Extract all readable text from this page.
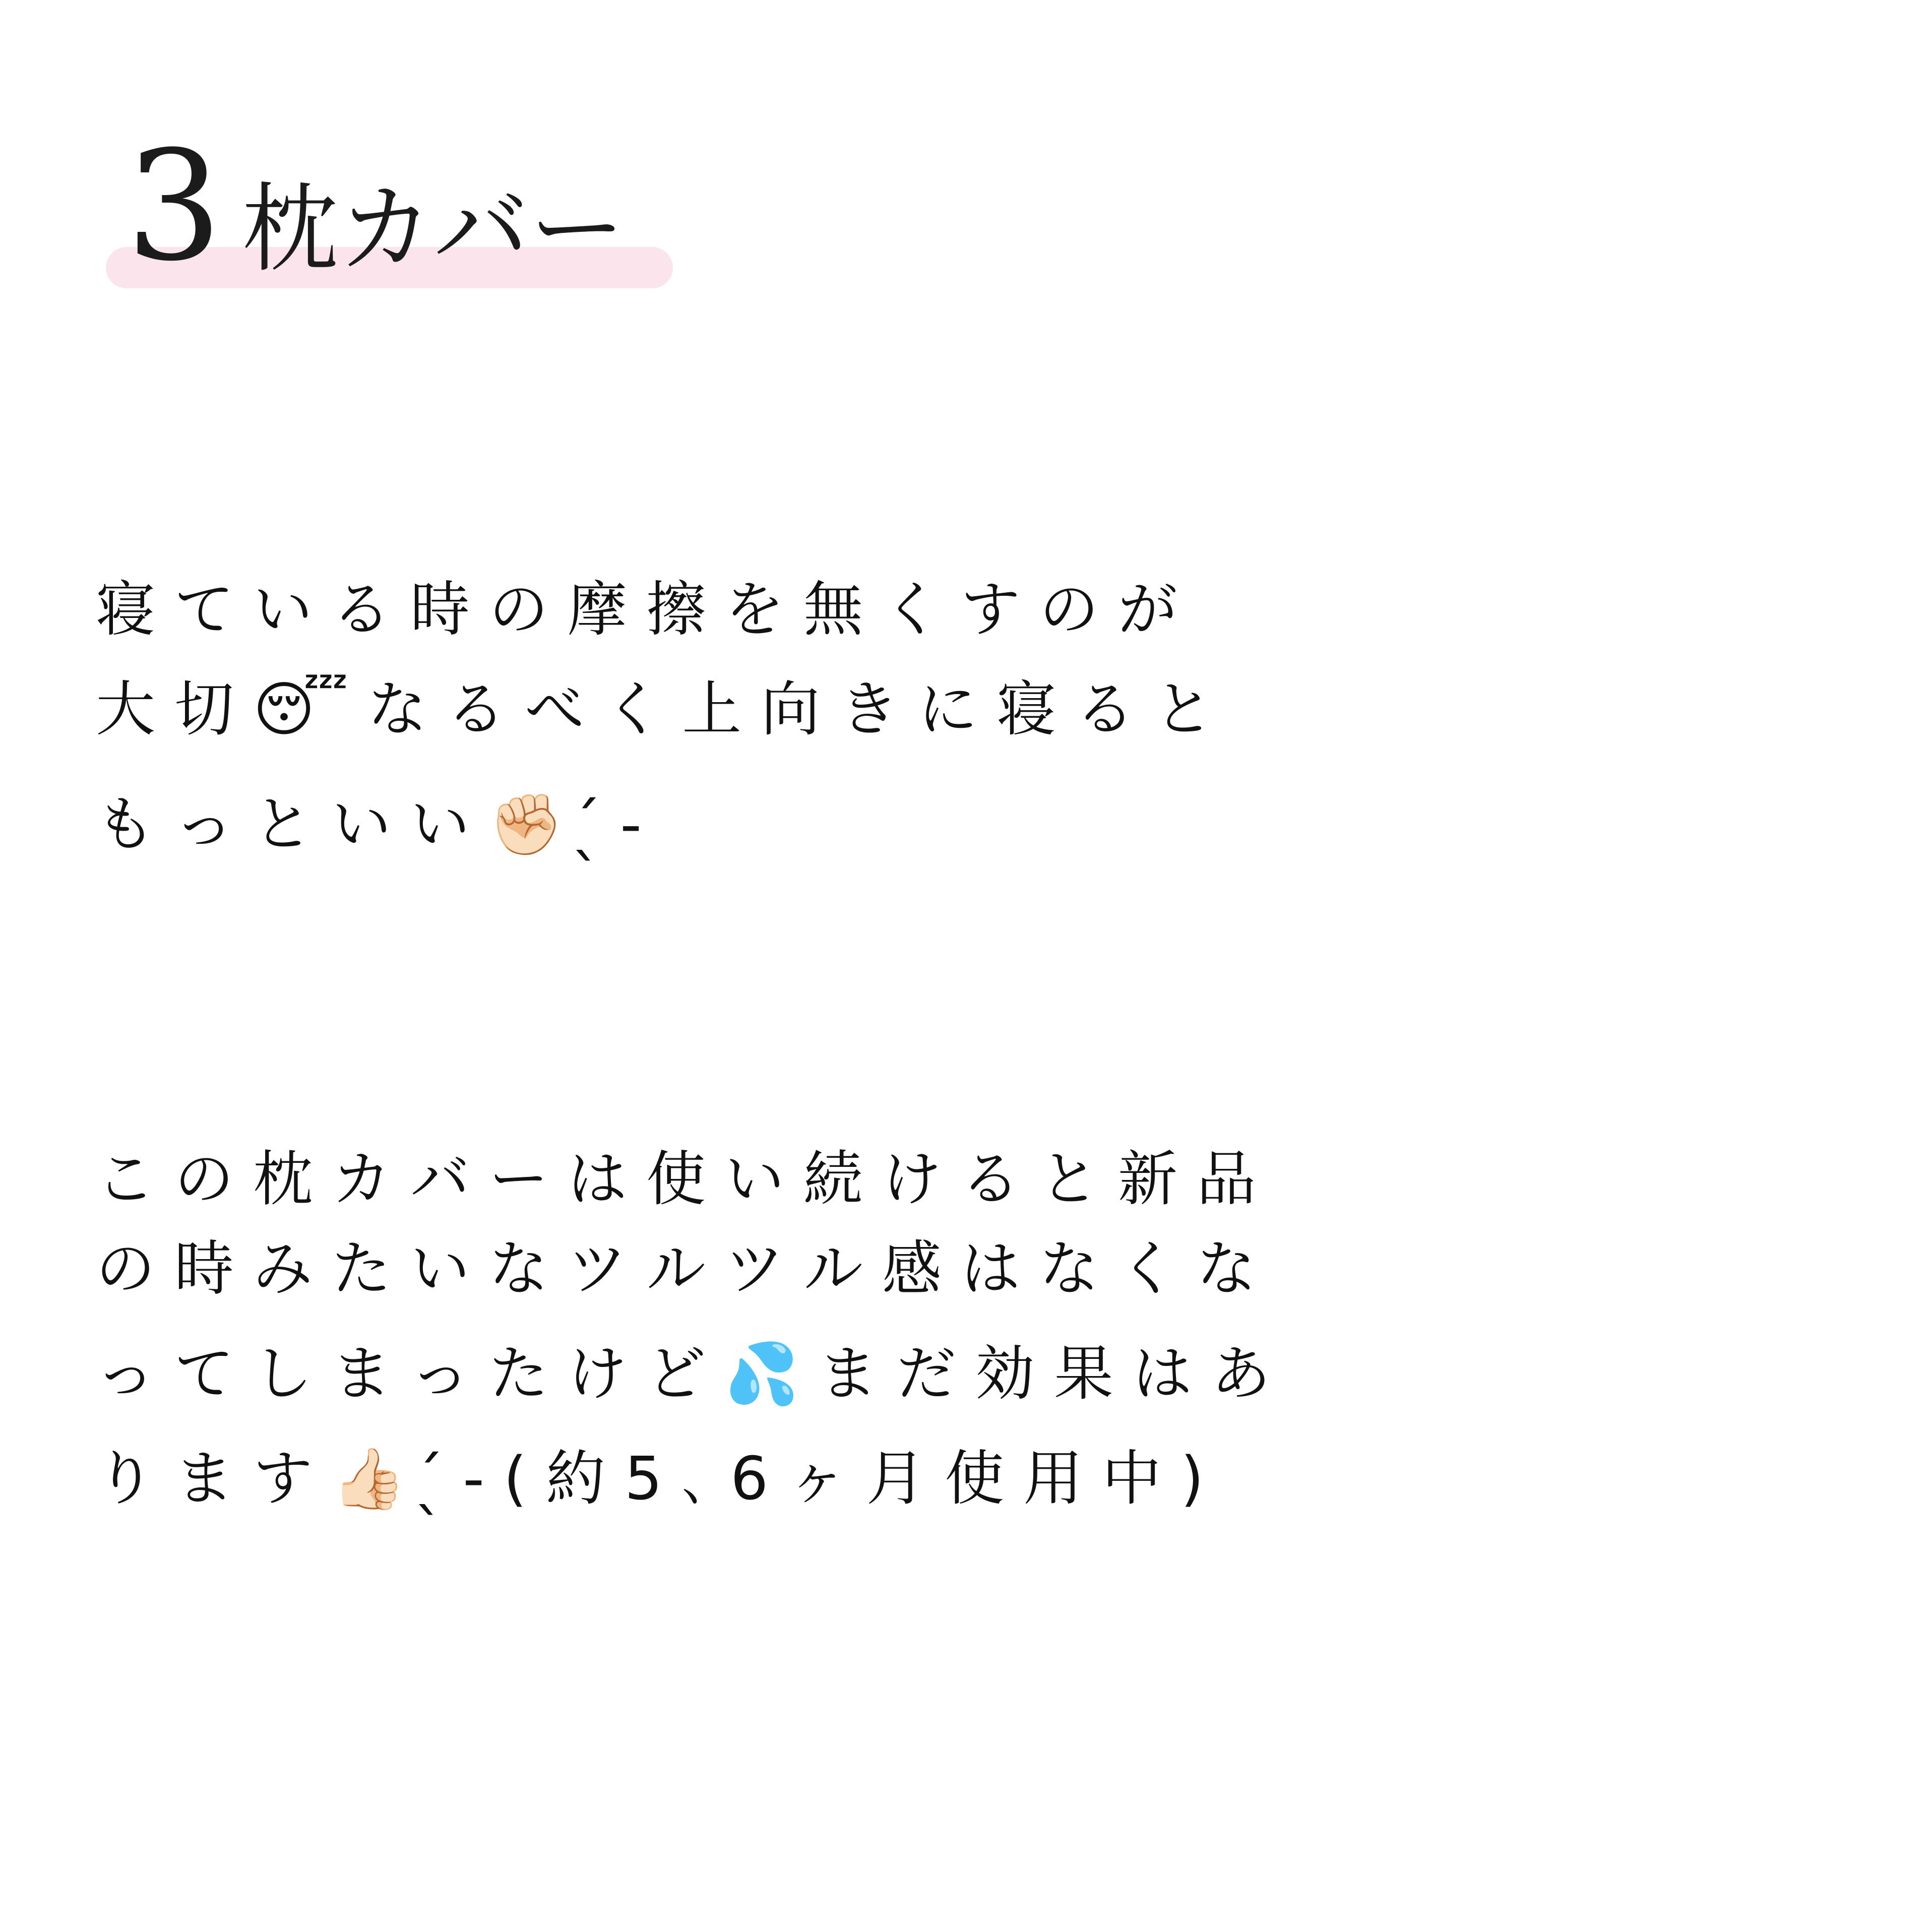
3 枕カバー
寝ている時の摩擦を無くすのが
大切😴なるべく上向きに寝ると
もっといい✊🏻 ̖́-
この枕カバーは使い続けると新品
の時みたいなツルツル感はなくな
ってしまったけど💦まだ効果はあ
ります👍🏻 ̖́-(約5､6ヶ月使用中)
